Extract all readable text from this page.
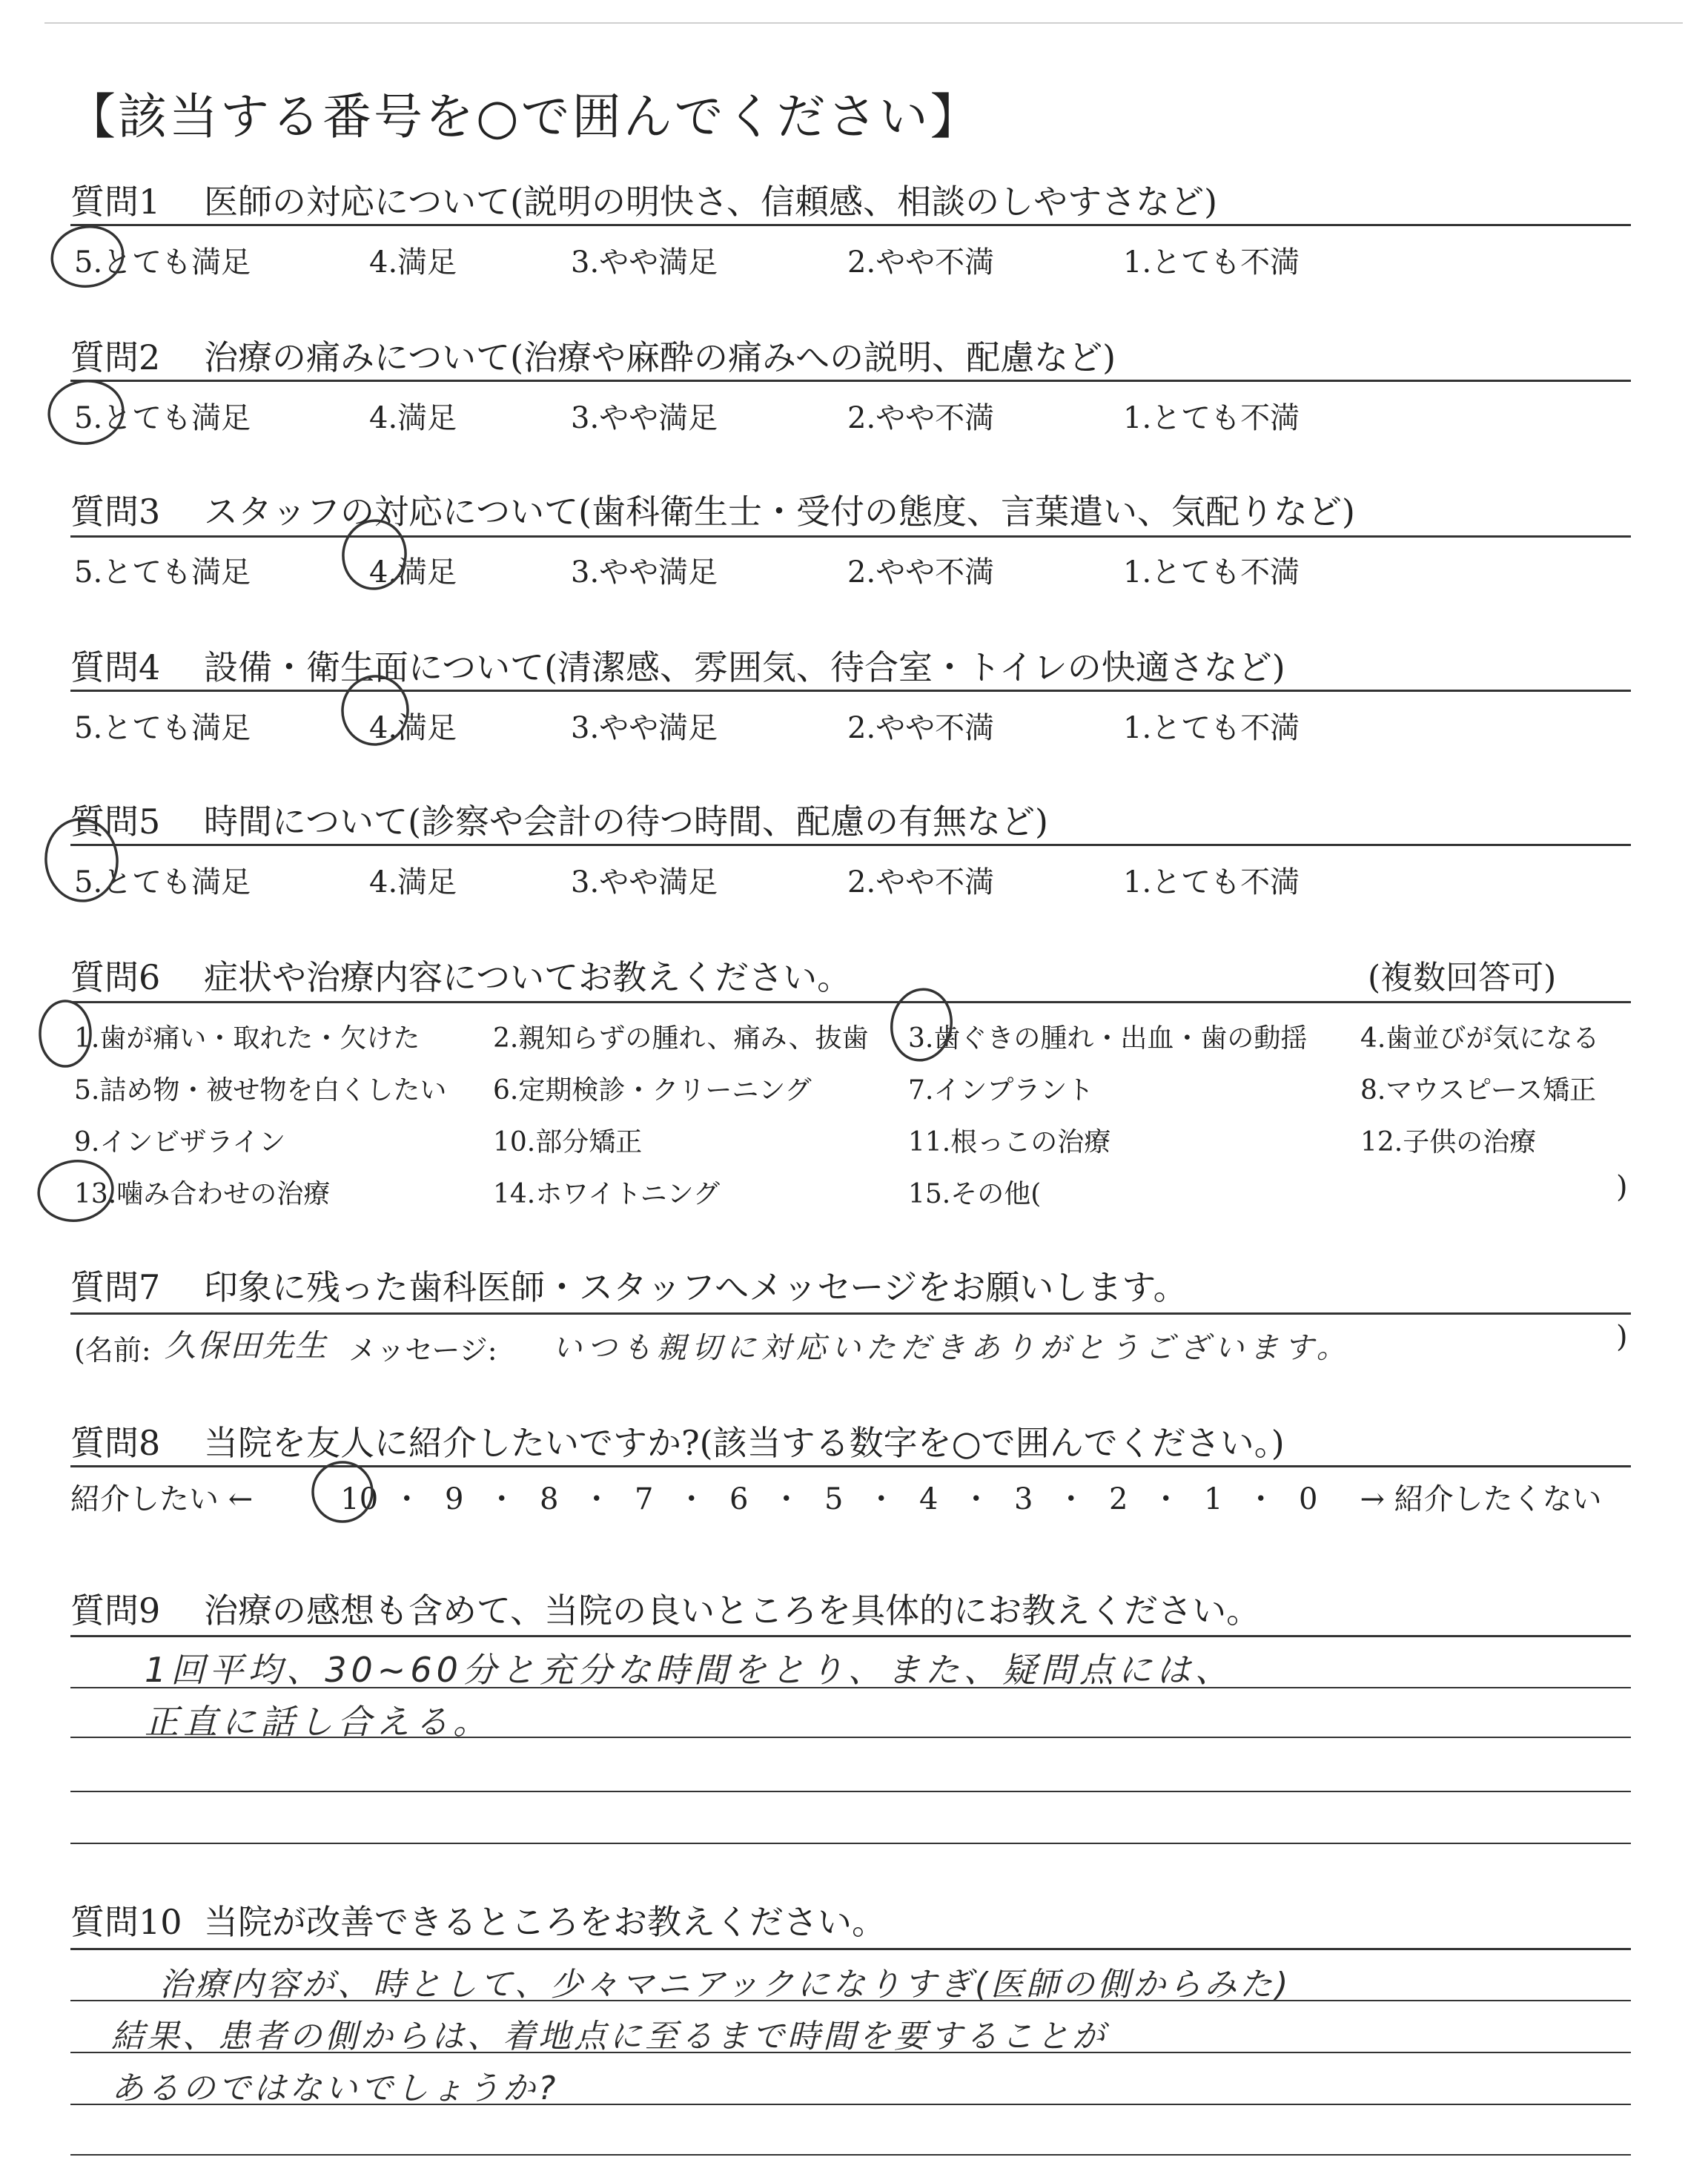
【該当する番号を○で囲んでください】
質問1 医師の対応について(説明の明快さ、信頼感、相談のしやすさなど)
5.とても満足	4.満足	3.やや満足	2.やや不満	1.とても不満
質問2 治療の痛みについて(治療や麻酔の痛みへの説明、配慮など)
5.とても満足	4.満足	3.やや満足	2.やや不満	1.とても不満
質問3 スタッフの対応について(歯科衛生士・受付の態度、言葉遣い、気配りなど)
5.とても満足	4.満足	3.やや満足	2.やや不満	1.とても不満
質問4 設備・衛生面について(清潔感、雰囲気、待合室・トイレの快適さなど)
5.とても満足	4.満足	3.やや満足	2.やや不満	1.とても不満
質問5 時間について(診察や会計の待つ時間、配慮の有無など)
5.とても満足	4.満足	3.やや満足	2.やや不満	1.とても不満
質問6 症状や治療内容についてお教えください。	(複数回答可)
1.歯が痛い・取れた・欠けた	2.親知らずの腫れ、痛み、抜歯 3.歯ぐきの腫れ・出血・歯の動揺 4.歯並びが気になる
5.詰め物・被せ物を白くしたい 6.定期検診・クリーニング	7.インプラント	8.マウスピース矯正
9.インビザライン	10.部分矯正	11.根っこの治療	12.子供の治療
13.噛み合わせの治療	14.ホワイトニング	15.その他(	)
質問7 印象に残った歯科医師・スタッフへメッセージをお願いします。
(名前: 久保田先生 メッセージ: いつも親切に対応いただきありがとうございます。	)
質問8 当院を友人に紹介したいですか?(該当する数字を○で囲んでください。)
紹介したい ←	10 ・ 9 ・ 8 ・ 7 ・ 6 ・ 5 ・ 4 ・ 3 ・ 2 ・ 1 ・ 0 → 紹介したくない
質問9 治療の感想も含めて、当院の良いところを具体的にお教えください。
1回平均、30~60分と充分な時間をとり、また、疑問点には、
正直に話し合える。
質問10 当院が改善できるところをお教えください。
治療内容が、時として、少々マニアックになりすぎ(医師の側からみた)
結果、患者の側からは、着地点に至るまで時間を要することが
あるのではないでしょうか?
